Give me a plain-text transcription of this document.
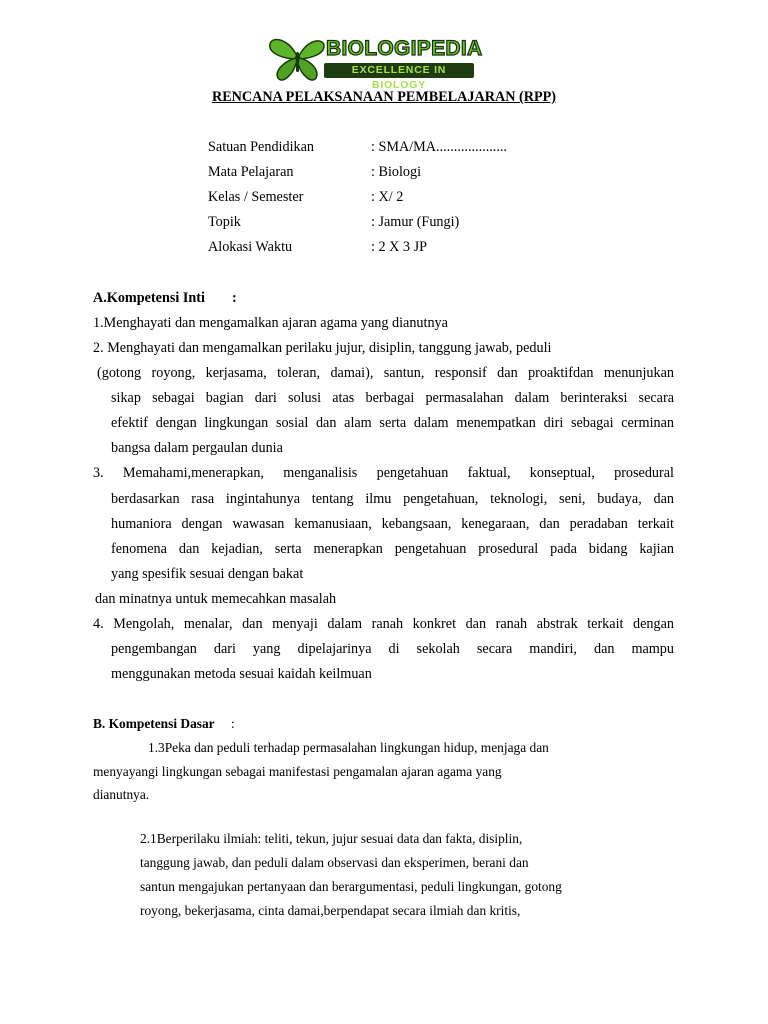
BIOLOGIPEDIA
EXCELLENCE IN BIOLOGY
RENCANA PELAKSANAAN PEMBELAJARAN (RPP)
Satuan Pendidikan	: SMA/MA....................
Mata Pelajaran	: Biologi
Kelas / Semester	: X/ 2
Topik	: Jamur (Fungi)
Alokasi Waktu	: 2 X 3 JP
A.Kompetensi Inti :
1.Menghayati dan mengamalkan ajaran agama yang dianutnya
2. Menghayati dan mengamalkan perilaku jujur, disiplin, tanggung jawab, peduli
(gotong royong, kerjasama, toleran, damai), santun, responsif dan proaktifdan menunjukan
sikap sebagai bagian dari solusi atas berbagai permasalahan dalam berinteraksi secara
efektif dengan lingkungan sosial dan alam serta dalam menempatkan diri sebagai cerminan
bangsa dalam pergaulan dunia
3. Memahami,menerapkan, menganalisis pengetahuan faktual, konseptual, prosedural
berdasarkan rasa ingintahunya tentang ilmu pengetahuan, teknologi, seni, budaya, dan
humaniora dengan wawasan kemanusiaan, kebangsaan, kenegaraan, dan peradaban terkait
fenomena dan kejadian, serta menerapkan pengetahuan prosedural pada bidang kajian
yang spesifik sesuai dengan bakat
dan minatnya untuk memecahkan masalah
4. Mengolah, menalar, dan menyaji dalam ranah konkret dan ranah abstrak terkait dengan
pengembangan dari yang dipelajarinya di sekolah secara mandiri, dan mampu
menggunakan metoda sesuai kaidah keilmuan
B. Kompetensi Dasar :
1.3Peka dan peduli terhadap permasalahan lingkungan hidup, menjaga dan
menyayangi lingkungan sebagai manifestasi pengamalan ajaran agama yang
dianutnya.
2.1Berperilaku ilmiah: teliti, tekun, jujur sesuai data dan fakta, disiplin,
tanggung jawab, dan peduli dalam observasi dan eksperimen, berani dan
santun mengajukan pertanyaan dan berargumentasi, peduli lingkungan, gotong
royong, bekerjasama, cinta damai,berpendapat secara ilmiah dan kritis,
